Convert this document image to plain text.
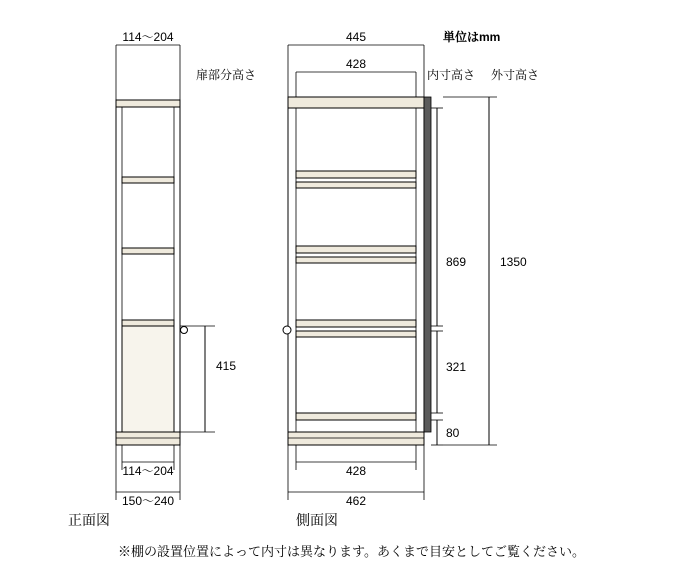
114～204
扉部分高さ
415
114～204
150～240
正面図
445
428
単位はmm
内寸高さ 外寸高さ
869
321
80
1350
428
462
側面図
※棚の設置位置によって内寸は異なります。あくまで目安としてご覧ください。
